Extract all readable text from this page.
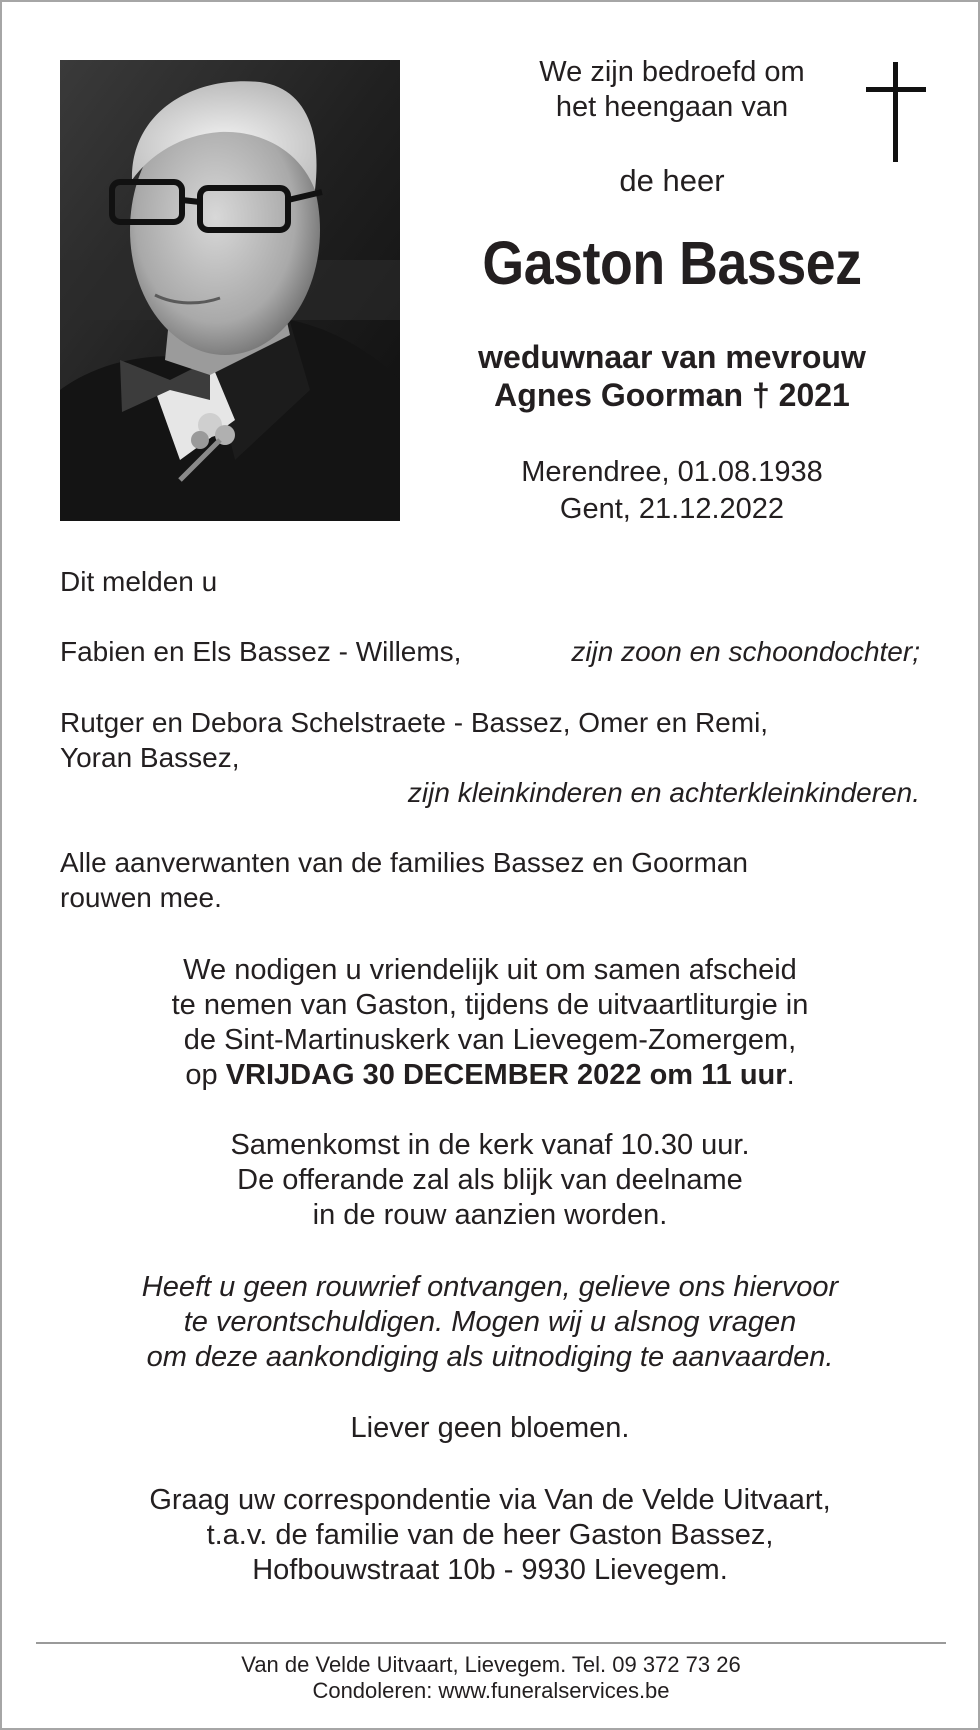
We zijn bedroefd om
het heengaan van
de heer
Gaston Bassez
weduwnaar van mevrouw
Agnes Goorman † 2021
Merendree, 01.08.1938
Gent, 21.12.2022
Dit melden u
Fabien en Els Bassez - Willems,	zijn zoon en schoondochter;
Rutger en Debora Schelstraete - Bassez, Omer en Remi,
Yoran Bassez,
zijn kleinkinderen en achterkleinkinderen.
Alle aanverwanten van de families Bassez en Goorman
rouwen mee.
We nodigen u vriendelijk uit om samen afscheid
te nemen van Gaston, tijdens de uitvaartliturgie in
de Sint-Martinuskerk van Lievegem-Zomergem,
op VRIJDAG 30 DECEMBER 2022 om 11 uur.
Samenkomst in de kerk vanaf 10.30 uur.
De offerande zal als blijk van deelname
in de rouw aanzien worden.
Heeft u geen rouwrief ontvangen, gelieve ons hiervoor
te verontschuldigen. Mogen wij u alsnog vragen
om deze aankondiging als uitnodiging te aanvaarden.
Liever geen bloemen.
Graag uw correspondentie via Van de Velde Uitvaart,
t.a.v. de familie van de heer Gaston Bassez,
Hofbouwstraat 10b - 9930 Lievegem.
Van de Velde Uitvaart, Lievegem. Tel. 09 372 73 26
Condoleren: www.funeralservices.be
